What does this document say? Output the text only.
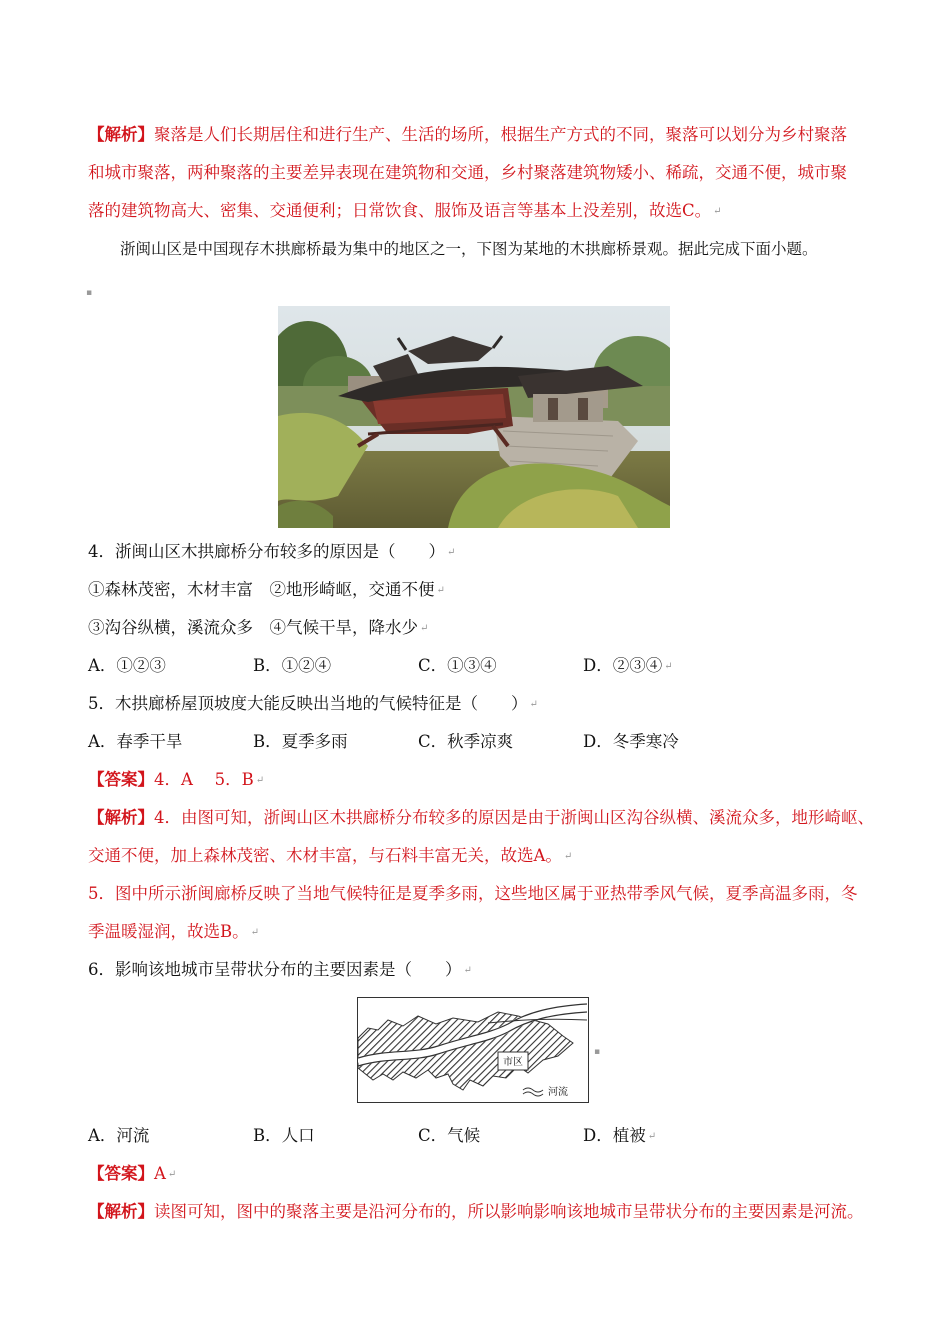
【解析】聚落是人们长期居住和进行生产、生活的场所，根据生产方式的不同，聚落可以划分为乡村聚落
和城市聚落，两种聚落的主要差异表现在建筑物和交通，乡村聚落建筑物矮小、稀疏，交通不便，城市聚
落的建筑物高大、密集、交通便利；日常饮食、服饰及语言等基本上没差别，故选C。 ↵
浙闽山区是中国现存木拱廊桥最为集中的地区之一，下图为某地的木拱廊桥景观。据此完成下面小题。
▪
4．浙闽山区木拱廊桥分布较多的原因是（　　） ↵
①森林茂密，木材丰富　②地形崎岖，交通不便 ↵
③沟谷纵横，溪流众多　④气候干旱，降水少 ↵
A．①②③	B．①②④	C．①③④	D．②③④ ↵
5．木拱廊桥屋顶坡度大能反映出当地的气候特征是（　　） ↵
A．春季干旱	B．夏季多雨	C．秋季凉爽	D．冬季寒冷
【答案】4．A　 5．B ↵
【解析】4．由图可知，浙闽山区木拱廊桥分布较多的原因是由于浙闽山区沟谷纵横、溪流众多，地形崎岖、
交通不便，加上森林茂密、木材丰富，与石料丰富无关，故选A。 ↵
5．图中所示浙闽廊桥反映了当地气候特征是夏季多雨，这些地区属于亚热带季风气候，夏季高温多雨，冬
季温暖湿润，故选B。 ↵
6．影响该地城市呈带状分布的主要因素是（　　） ↵
市区
河流
▪
A．河流	B．人口	C．气候	D．植被 ↵
【答案】A ↵
【解析】读图可知，图中的聚落主要是沿河分布的，所以影响影响该地城市呈带状分布的主要因素是河流。
